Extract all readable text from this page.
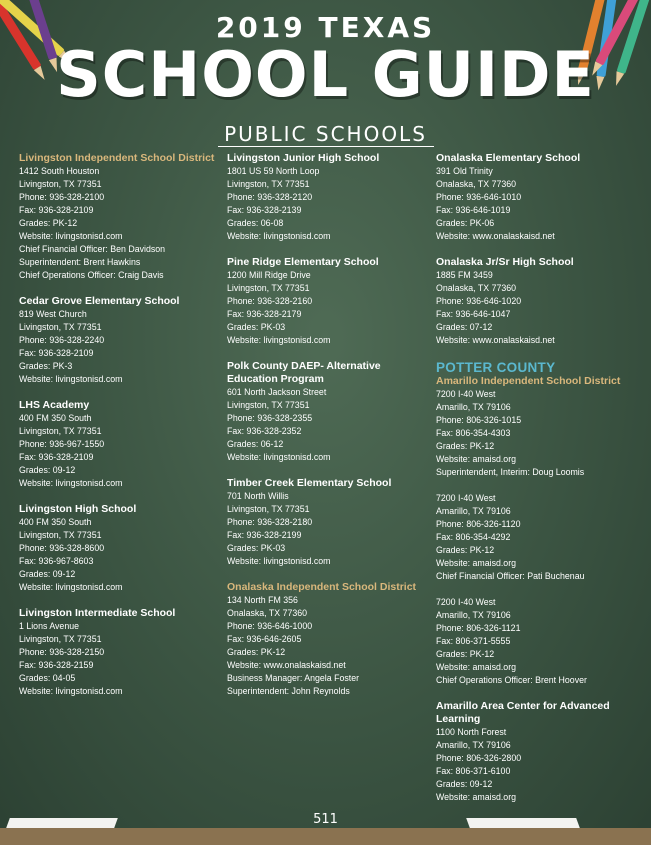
2019 TEXAS
SCHOOL GUIDE
PUBLIC SCHOOLS
Livingston Independent School District
1412 South Houston
Livingston, TX 77351
Phone: 936-328-2100
Fax: 936-328-2109
Grades: PK-12
Website: livingstonisd.com
Chief Financial Officer: Ben Davidson
Superintendent: Brent Hawkins
Chief Operations Officer: Craig Davis
Cedar Grove Elementary School
819 West Church
Livingston, TX 77351
Phone: 936-328-2240
Fax: 936-328-2109
Grades: PK-3
Website: livingstonisd.com
LHS Academy
400 FM 350 South
Livingston, TX 77351
Phone: 936-967-1550
Fax: 936-328-2109
Grades: 09-12
Website: livingstonisd.com
Livingston High School
400 FM 350 South
Livingston, TX 77351
Phone: 936-328-8600
Fax: 936-967-8603
Grades: 09-12
Website: livingstonisd.com
Livingston Intermediate School
1 Lions Avenue
Livingston, TX 77351
Phone: 936-328-2150
Fax: 936-328-2159
Grades: 04-05
Website: livingstonisd.com
Livingston Junior High School
1801 US 59 North Loop
Livingston, TX 77351
Phone: 936-328-2120
Fax: 936-328-2139
Grades: 06-08
Website: livingstonisd.com
Pine Ridge Elementary School
1200 Mill Ridge Drive
Livingston, TX 77351
Phone: 936-328-2160
Fax: 936-328-2179
Grades: PK-03
Website: livingstonisd.com
Polk County DAEP- Alternative
Education Program
601 North Jackson Street
Livingston, TX 77351
Phone: 936-328-2355
Fax: 936-328-2352
Grades: 06-12
Website: livingstonisd.com
Timber Creek Elementary School
701 North Willis
Livingston, TX 77351
Phone: 936-328-2180
Fax: 936-328-2199
Grades: PK-03
Website: livingstonisd.com
Onalaska Independent School District
134 North FM 356
Onalaska, TX 77360
Phone: 936-646-1000
Fax: 936-646-2605
Grades: PK-12
Website: www.onalaskaisd.net
Business Manager: Angela Foster
Superintendent: John Reynolds
Onalaska Elementary School
391 Old Trinity
Onalaska, TX 77360
Phone: 936-646-1010
Fax: 936-646-1019
Grades: PK-06
Website: www.onalaskaisd.net
Onalaska Jr/Sr High School
1885 FM 3459
Onalaska, TX 77360
Phone: 936-646-1020
Fax: 936-646-1047
Grades: 07-12
Website: www.onalaskaisd.net
POTTER COUNTY
Amarillo Independent School District
7200 I-40 West
Amarillo, TX 79106
Phone: 806-326-1015
Fax: 806-354-4303
Grades: PK-12
Website: amaisd.org
Superintendent, Interim: Doug Loomis
7200 I-40 West
Amarillo, TX 79106
Phone: 806-326-1120
Fax: 806-354-4292
Grades: PK-12
Website: amaisd.org
Chief Financial Officer: Pati Buchenau
7200 I-40 West
Amarillo, TX 79106
Phone: 806-326-1121
Fax: 806-371-5555
Grades: PK-12
Website: amaisd.org
Chief Operations Officer: Brent Hoover
Amarillo Area Center for Advanced Learning
1100 North Forest
Amarillo, TX 79106
Phone: 806-326-2800
Fax: 806-371-6100
Grades: 09-12
Website: amaisd.org
511
